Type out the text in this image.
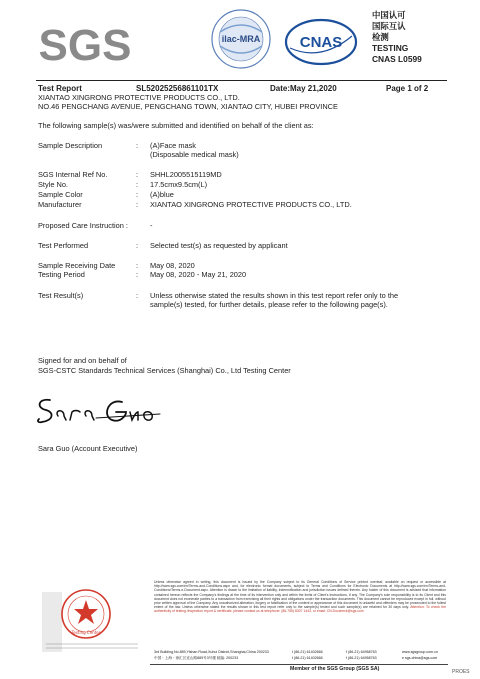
SGS	ilac-MRA	CNAS
中国认可
国际互认
检测
TESTING
CNAS L0599
Test Report	SL52025256861101TX	Date:May 21,2020	Page 1 of 2
XIANTAO XINGRONG PROTECTIVE PRODUCTS CO., LTD.
NO.46 PENGCHANG AVENUE, PENGCHANG TOWN, XIANTAO CITY, HUBEI PROVINCE
The following sample(s) was/were submitted and identified on behalf of the client as:
Sample Description	: (A)Face mask
(Disposable medical mask)
SGS Internal Ref No.	: SHHL2005515119MD
Style No.	: 17.5cmx9.5cm(L)
Sample Color	: (A)blue
Manufacturer	: XIANTAO XINGRONG PROTECTIVE PRODUCTS CO., LTD.
Proposed Care Instruction :	-
Test Performed	: Selected test(s) as requested by applicant
Sample Receiving Date	: May 08, 2020
Testing Period	: May 08, 2020 - May 21, 2020
Test Result(s)	: Unless otherwise stated the results shown in this test report refer only to the
sample(s) tested, for further details, please refer to the following page(s).
Signed for and on behalf of
SGS-CSTC Standards Technical Services (Shanghai) Co., Ltd Testing Center
Sara Guo (Account Executive)
Testing Center
Unless otherwise agreed in writing, this document is issued by the Company subject to its General Conditions of Service printed overleaf, available on request or accessible at http://www.sgs.com/en/Terms-and-Conditions.aspx and, for electronic format documents, subject to Terms and Conditions for Electronic Documents at http://www.sgs.com/en/Terms-and-Conditions/Terms-e-Document.aspx. Attention is drawn to the limitation of liability, indemnification and jurisdiction issues defined therein. Any holder of this document is advised that information contained hereon reflects the Company's findings at the time of its intervention only and within the limits of Client's instructions, if any. The Company's sole responsibility is to its Client and this document does not exonerate parties to a transaction from exercising all their rights and obligations under the transaction documents. This document cannot be reproduced except in full, without prior written approval of the Company. Any unauthorized alteration, forgery or falsification of the content or appearance of this document is unlawful and offenders may be prosecuted to the fullest extent of the law. Unless otherwise stated the results shown in this test report refer only to the sample(s) tested and such sample(s) are retained for 30 days only. Attention: To check the authenticity of testing /inspection report & certificate, please contact us at telephone: (86-755) 8307 1443, or email: CN.Doccheck@sgs.com
3rd Building,No.889,Yishan Road,Xuhui District,Shanghai,China 200233
中国・上海・徐汇区宜山路889号3号楼 邮编: 200233
t (86-21) 61402666
t (86-21) 61402666
f (86-21) 64958763
f (86-21) 64958763
www.sgsgroup.com.cn
e sgs.china@sgs.com
Member of the SGS Group (SGS SA)	PROES
